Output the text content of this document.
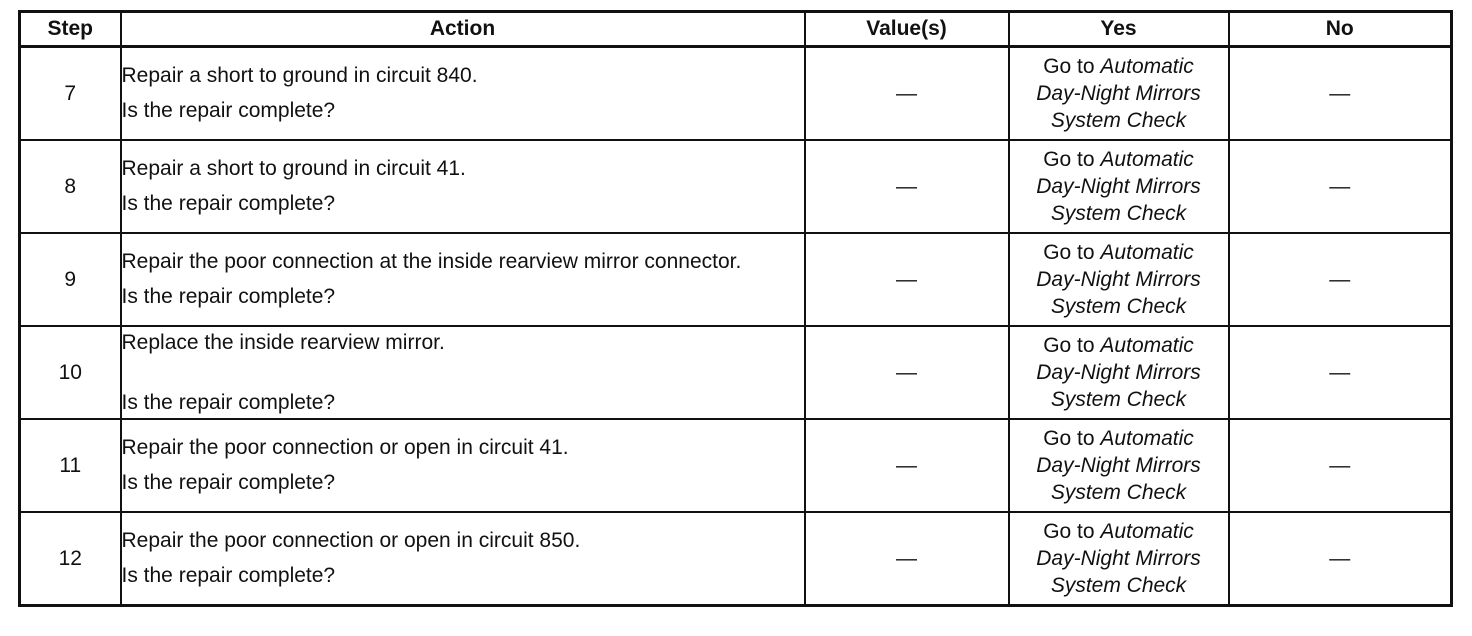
Step	Action	Value(s)	Yes	No
7	Repair a short to ground in circuit 840.
Is the repair complete?	—	Go to Automatic
Day-Night Mirrors
System Check	—
8	Repair a short to ground in circuit 41.
Is the repair complete?	—	Go to Automatic
Day-Night Mirrors
System Check	—
9	Repair the poor connection at the inside rearview mirror connector.
Is the repair complete?	—	Go to Automatic
Day-Night Mirrors
System Check	—
10	Replace the inside rearview mirror.
Is the repair complete?	—	Go to Automatic
Day-Night Mirrors
System Check	—
11	Repair the poor connection or open in circuit 41.
Is the repair complete?	—	Go to Automatic
Day-Night Mirrors
System Check	—
12	Repair the poor connection or open in circuit 850.
Is the repair complete?	—	Go to Automatic
Day-Night Mirrors
System Check	—
